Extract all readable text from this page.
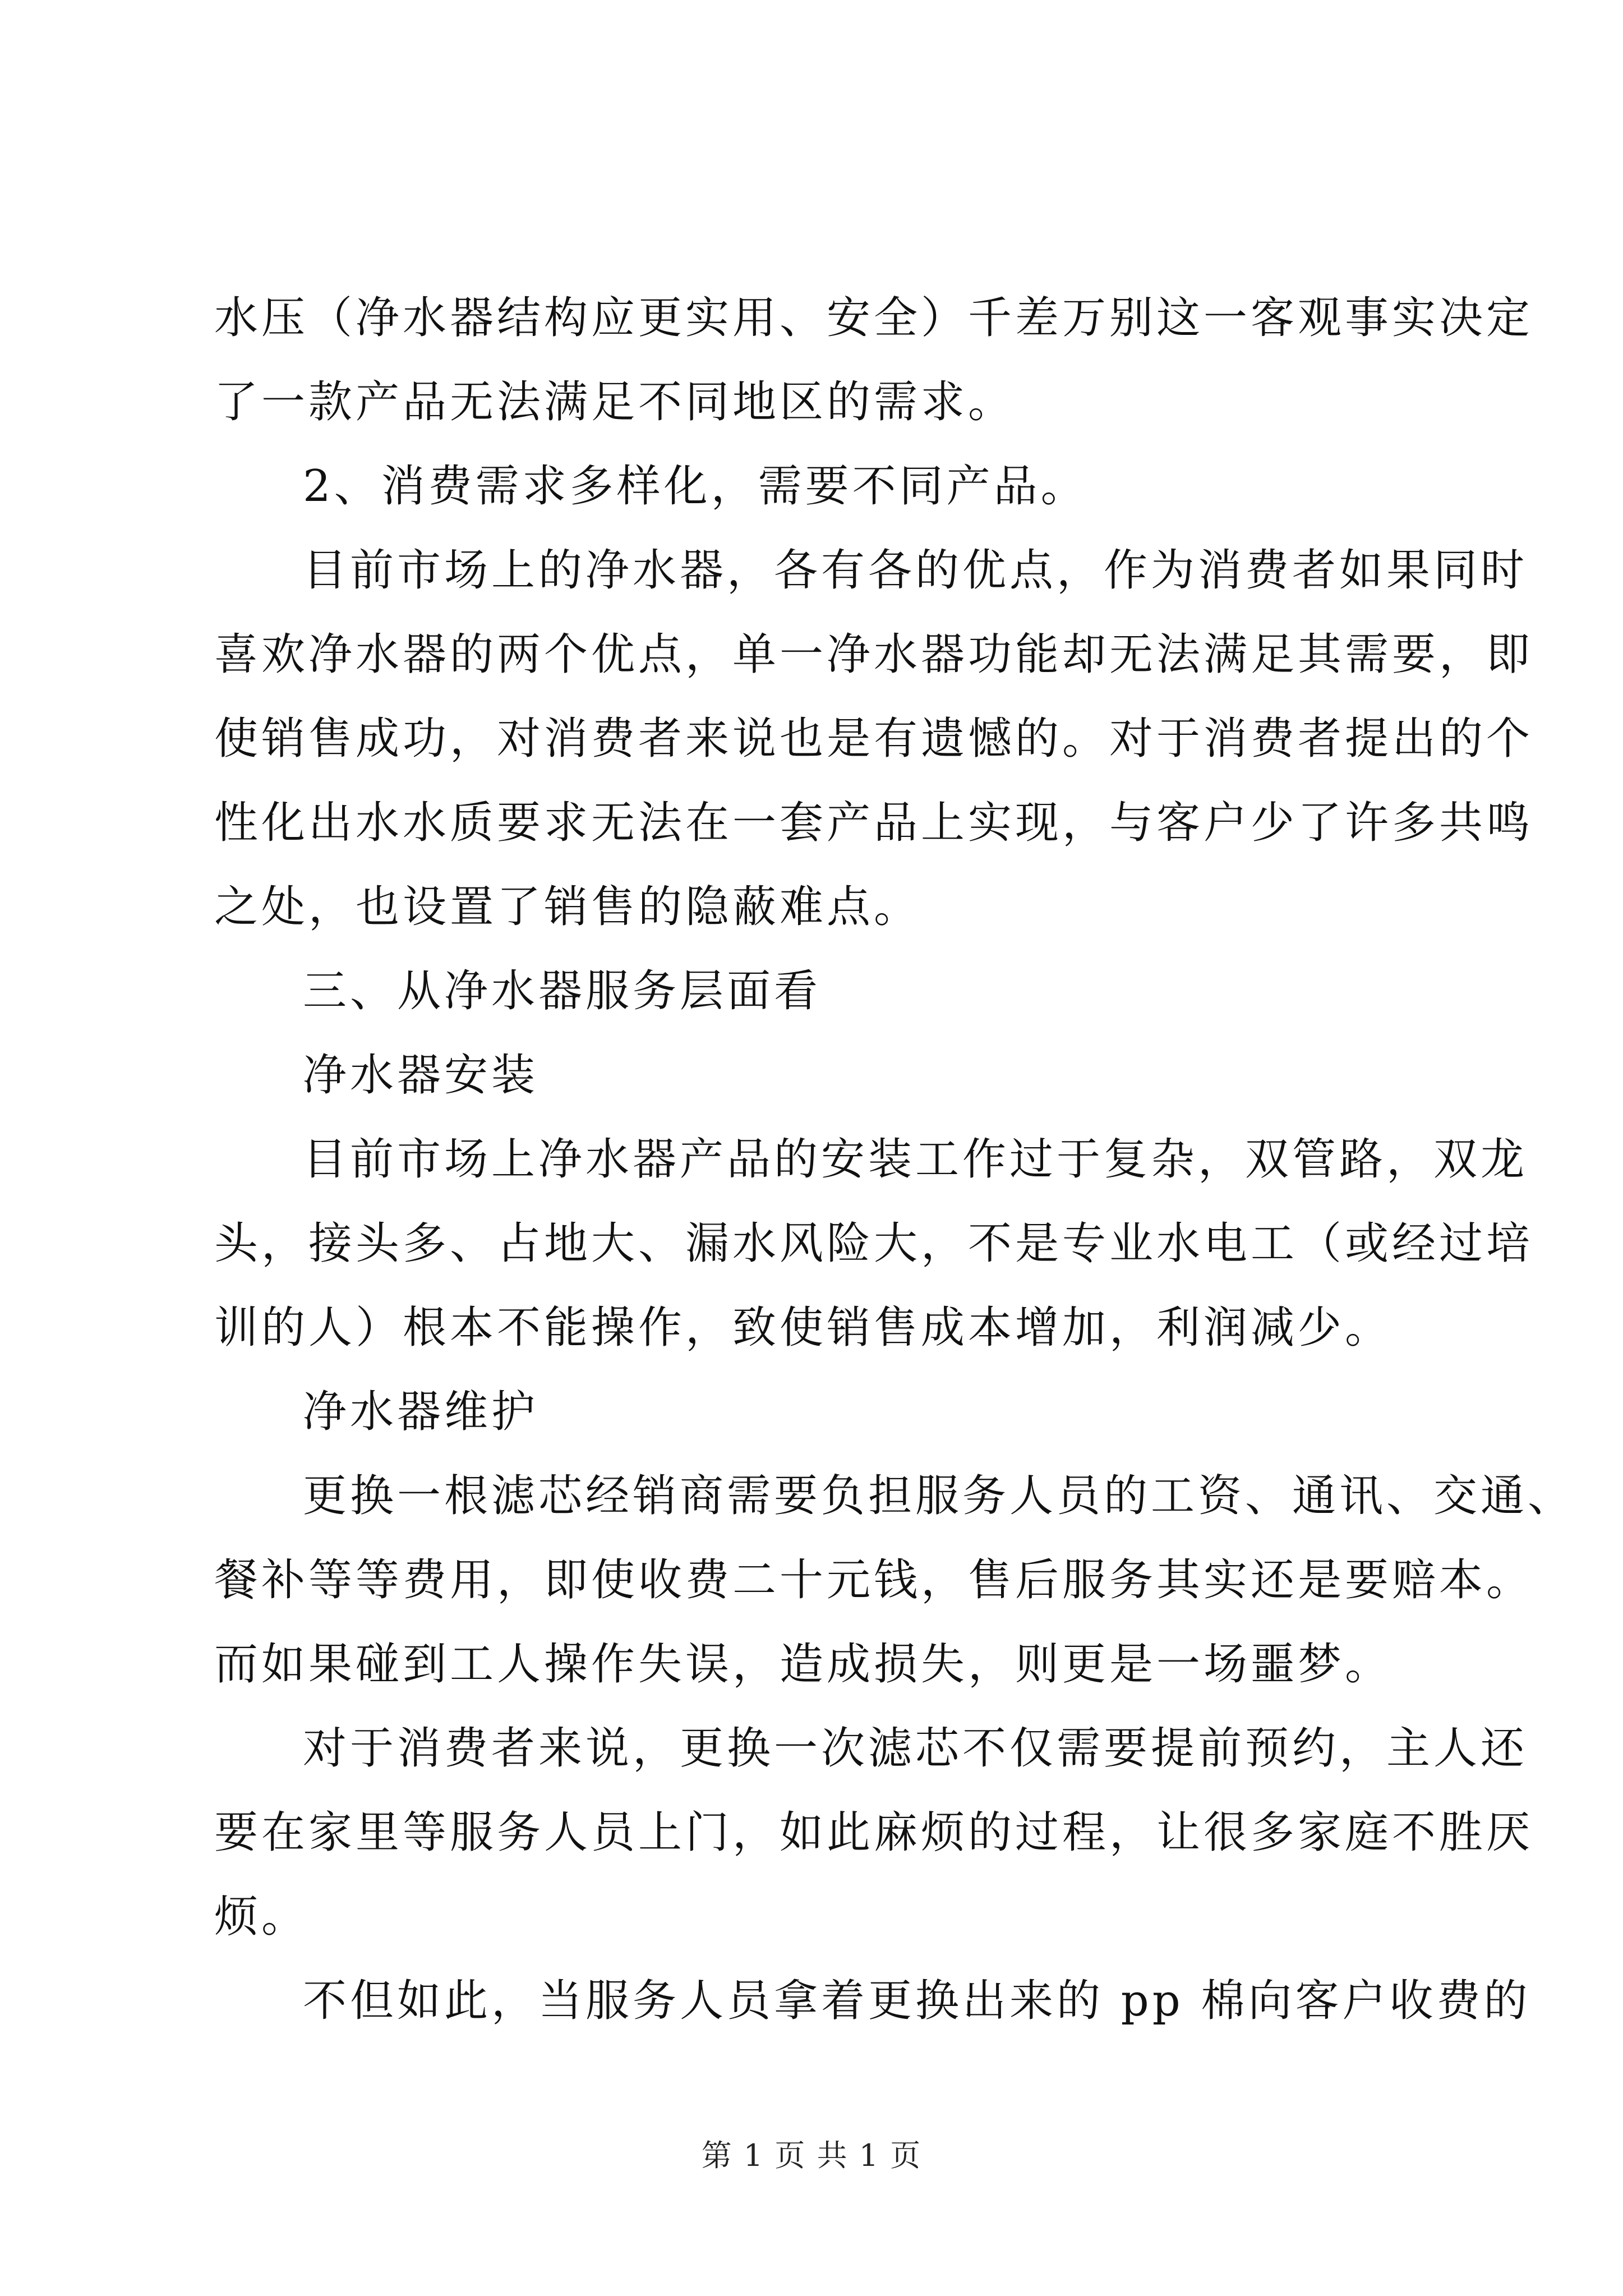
水压（净水器结构应更实用、安全）千差万别这一客观事实决定
了一款产品无法满足不同地区的需求。
2、消费需求多样化，需要不同产品。
目前市场上的净水器，各有各的优点，作为消费者如果同时
喜欢净水器的两个优点，单一净水器功能却无法满足其需要，即
使销售成功，对消费者来说也是有遗憾的。对于消费者提出的个
性化出水水质要求无法在一套产品上实现，与客户少了许多共鸣
之处，也设置了销售的隐蔽难点。
三、从净水器服务层面看
净水器安装
目前市场上净水器产品的安装工作过于复杂，双管路，双龙
头，接头多、占地大、漏水风险大，不是专业水电工（或经过培
训的人）根本不能操作，致使销售成本增加，利润减少。
净水器维护
更换一根滤芯经销商需要负担服务人员的工资、通讯、交通、
餐补等等费用，即使收费二十元钱，售后服务其实还是要赔本。
而如果碰到工人操作失误，造成损失，则更是一场噩梦。
对于消费者来说，更换一次滤芯不仅需要提前预约，主人还
要在家里等服务人员上门，如此麻烦的过程，让很多家庭不胜厌
烦。
不但如此，当服务人员拿着更换出来的 pp 棉向客户收费的
第 1 页 共 1 页
